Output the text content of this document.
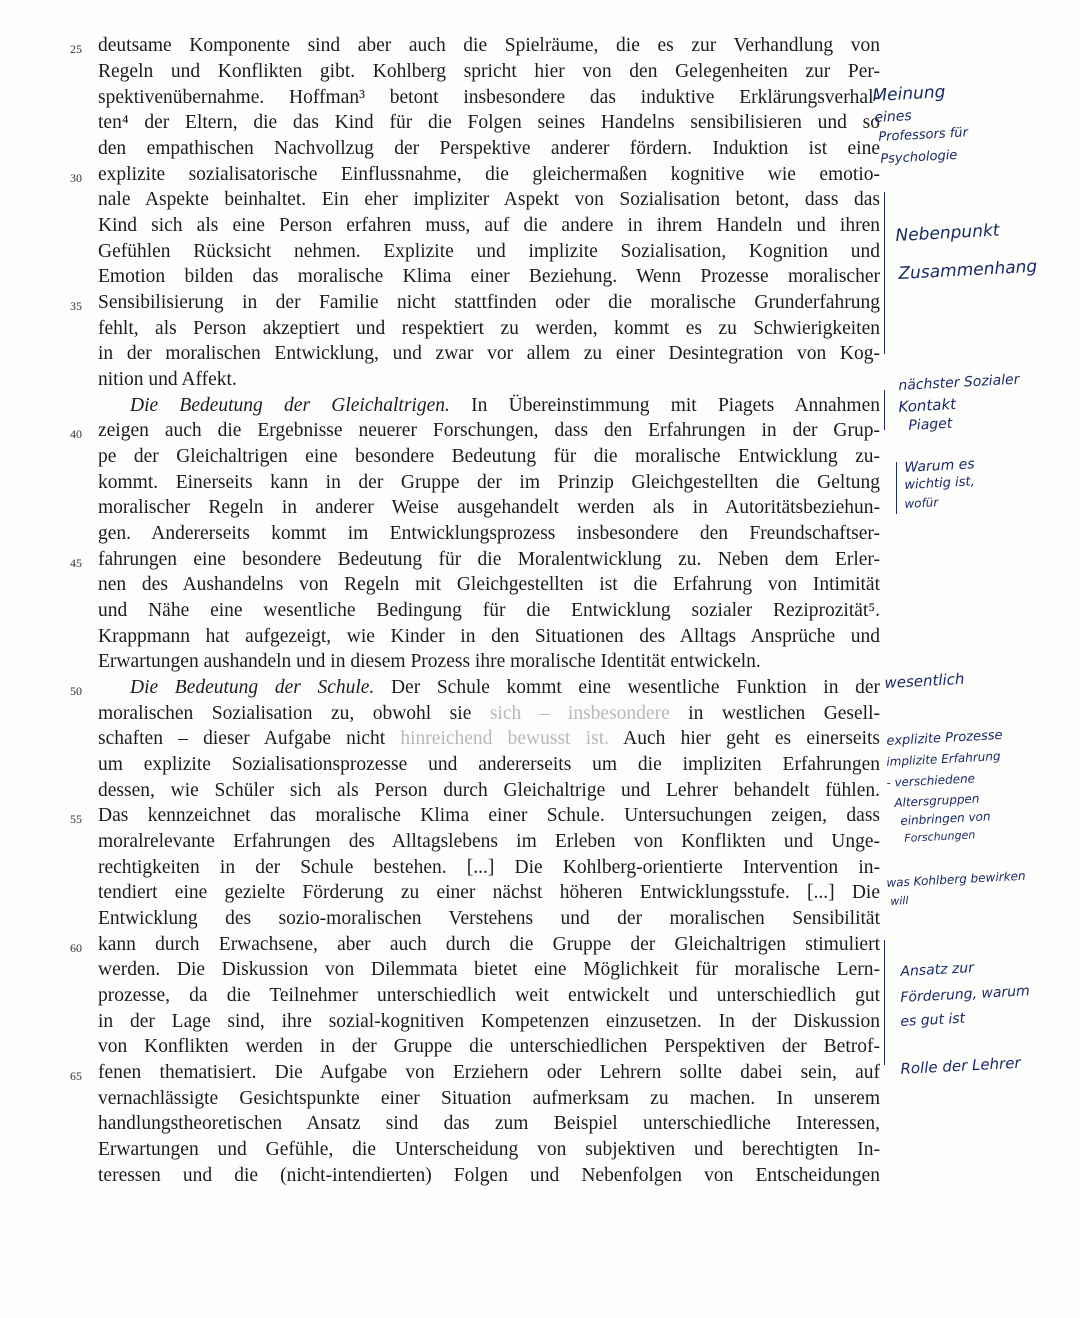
deutsame Komponente sind aber auch die Spielräume, die es zur Verhandlung von
Regeln und Konflikten gibt. Kohlberg spricht hier von den Gelegenheiten zur Per-
spektivenübernahme. Hoffman³ betont insbesondere das induktive Erklärungsverhal-
ten⁴ der Eltern, die das Kind für die Folgen seines Handelns sensibilisieren und so
den empathischen Nachvollzug der Perspektive anderer fördern. Induktion ist eine
explizite sozialisatorische Einflussnahme, die gleichermaßen kognitive wie emotio-
nale Aspekte beinhaltet. Ein eher impliziter Aspekt von Sozialisation betont, dass das
Kind sich als eine Person erfahren muss, auf die andere in ihrem Handeln und ihren
Gefühlen Rücksicht nehmen. Explizite und implizite Sozialisation, Kognition und
Emotion bilden das moralische Klima einer Beziehung. Wenn Prozesse moralischer
Sensibilisierung in der Familie nicht stattfinden oder die moralische Grunderfahrung
fehlt, als Person akzeptiert und respektiert zu werden, kommt es zu Schwierigkeiten
in der moralischen Entwicklung, und zwar vor allem zu einer Desintegration von Kog-
nition und Affekt.
Die Bedeutung der Gleichaltrigen. In Übereinstimmung mit Piagets Annahmen
zeigen auch die Ergebnisse neuerer Forschungen, dass den Erfahrungen in der Grup-
pe der Gleichaltrigen eine besondere Bedeutung für die moralische Entwicklung zu-
kommt. Einerseits kann in der Gruppe der im Prinzip Gleichgestellten die Geltung
moralischer Regeln in anderer Weise ausgehandelt werden als in Autoritätsbeziehun-
gen. Andererseits kommt im Entwicklungsprozess insbesondere den Freundschaftser-
fahrungen eine besondere Bedeutung für die Moralentwicklung zu. Neben dem Erler-
nen des Aushandelns von Regeln mit Gleichgestellten ist die Erfahrung von Intimität
und Nähe eine wesentliche Bedingung für die Entwicklung sozialer Reziprozität⁵.
Krappmann hat aufgezeigt, wie Kinder in den Situationen des Alltags Ansprüche und
Erwartungen aushandeln und in diesem Prozess ihre moralische Identität entwickeln.
Die Bedeutung der Schule. Der Schule kommt eine wesentliche Funktion in der
moralischen Sozialisation zu, obwohl sie sich – insbesondere in westlichen Gesell-
schaften – dieser Aufgabe nicht hinreichend bewusst ist. Auch hier geht es einerseits
um explizite Sozialisationsprozesse und andererseits um die impliziten Erfahrungen
dessen, wie Schüler sich als Person durch Gleichaltrige und Lehrer behandelt fühlen.
Das kennzeichnet das moralische Klima einer Schule. Untersuchungen zeigen, dass
moralrelevante Erfahrungen des Alltagslebens im Erleben von Konflikten und Unge-
rechtigkeiten in der Schule bestehen. [...] Die Kohlberg-orientierte Intervention in-
tendiert eine gezielte Förderung zu einer nächst höheren Entwicklungsstufe. [...] Die
Entwicklung des sozio-moralischen Verstehens und der moralischen Sensibilität
kann durch Erwachsene, aber auch durch die Gruppe der Gleichaltrigen stimuliert
werden. Die Diskussion von Dilemmata bietet eine Möglichkeit für moralische Lern-
prozesse, da die Teilnehmer unterschiedlich weit entwickelt und unterschiedlich gut
in der Lage sind, ihre sozial-kognitiven Kompetenzen einzusetzen. In der Diskussion
von Konflikten werden in der Gruppe die unterschiedlichen Perspektiven der Betrof-
fenen thematisiert. Die Aufgabe von Erziehern oder Lehrern sollte dabei sein, auf
vernachlässigte Gesichtspunkte einer Situation aufmerksam zu machen. In unserem
handlungstheoretischen Ansatz sind das zum Beispiel unterschiedliche Interessen,
Erwartungen und Gefühle, die Unterscheidung von subjektiven und berechtigten In-
teressen und die (nicht-intendierten) Folgen und Nebenfolgen von Entscheidungen
25
30
35
40
45
50
55
60
65
Meinung
eines
Professors für
Psychologie
Nebenpunkt
Zusammenhang
nächster Sozialer
Kontakt
Piaget
Warum es
wichtig ist,
wofür
wesentlich
explizite Prozesse
implizite Erfahrung
- verschiedene
Altersgruppen
einbringen von
Forschungen
was Kohlberg bewirken
will
Ansatz zur
Förderung, warum
es gut ist
Rolle der Lehrer
